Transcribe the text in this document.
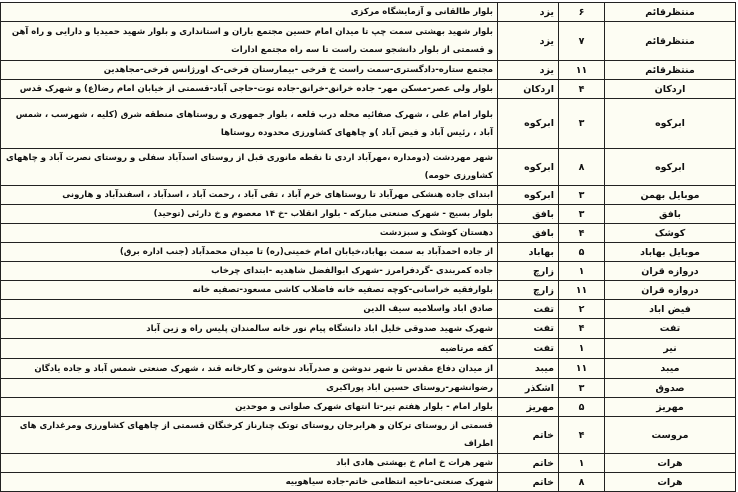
منتظرقائم	۶	یزد	بلوار طالقانی و آزمایشگاه مرکزی
منتظرقائم	۷	یزد	بلوار شهید بهشتی سمت چپ تا میدان امام حسین مجتمع باران و استانداری و بلوار شهید حمیدیا و دارایی و راه آهن و قسمتی از بلوار دانشجو سمت راست تا سه راه مجتمع ادارات
منتظرقائم	۱۱	یزد	مجتمع ستاره-دادگستری-سمت راست خ فرخی -بیمارستان فرخی-ک اورژانس فرخی-مجاهدین
اردکان	۴	اردکان	بلوار ولی عصر-مسکن مهر- جاده خرانق-خرانق-جاده توت-حاجی آباد-قسمتی از خیابان امام رضا(ع) و شهرک قدس
ابرکوه	۳	ابرکوه	بلوار امام علی ، شهرک صفائیه محله درب قلعه ، بلوار جمهوری و روستاهای منطقه شرق (کلیه ، شهرسب ، شمس آباد ، رئیس آباد و فیض آباد )و چاههای کشاورزی محدوده روستاها
ابرکوه	۸	ابرکوه	شهر مهردشت (دومداره ،مهرآباد اردی تا نقطه مانوری قبل از روستای اسدآباد سفلی و روستای نصرت آباد و چاههای کشاورزی حومه)
موبایل بهمن	۳	ابرکوه	ابتدای جاده هنشکی مهرآباد تا روستاهای خرم آباد ، تقی آباد ، رحمت آباد ، اسدآباد ، اسفندآباد و هارونی
بافق	۳	بافق	بلوار بسیج - شهرک صنعتی مبارکه - بلوار انقلاب -خ ۱۴ معصوم و خ دارئی (توحید)
کوشک	۴	بافق	دهستان کوشک و سبزدشت
موبایل بهاباد	۵	بهاباد	از جاده احمدآباد به سمت بهاباد،خیابان امام خمینی(ره) تا میدان محمدآباد (جنب اداره برق)
دروازه قران	۱	زارچ	جاده کمربندی -گردفرامرز -شهرک ابوالفضل شاهدیه -ابتدای چرخاب
دروازه قران	۱۱	زارچ	بلوارفقیه خراسانی-کوچه تصفیه خانه فاضلاب کاشی مسعود-تصفیه خانه
فیض اباد	۲	تفت	صادق اباد واسلامیه سیف الدین
تفت	۴	تفت	شهرک شهید صدوقی خلیل اباد دانشگاه پیام نور خانه سالمندان پلیس راه و زین آباد
نیر	۱	تفت	کفه مرتاضیه
میبد	۱۱	میبد	از میدان دفاع مقدس تا شهر ندوشن و صدرآباد ندوشن و کارخانه قند ، شهرک صنعتی شمس آباد و جاده یادگان
صدوق	۳	اشکذر	رضوانشهر-روستای حسین اباد پوراکبری
مهریز	۵	مهریز	بلوار امام - بلوار هفتم تیر-تا انتهای شهرک صلواتی و موحدین
مروست	۴	خاتم	قسمتی از روستای ترکان و هرابرجان روستای توتک چنارناز کرخنگان قسمتی از چاههای کشاورزی ومرغداری های اطراف
هرات	۱	خاتم	شهر هرات خ امام خ بهشتی هادی اباد
هرات	۸	خاتم	شهرک صنعتی-ناحیه انتظامی خاتم-جاده سیاهوییه
